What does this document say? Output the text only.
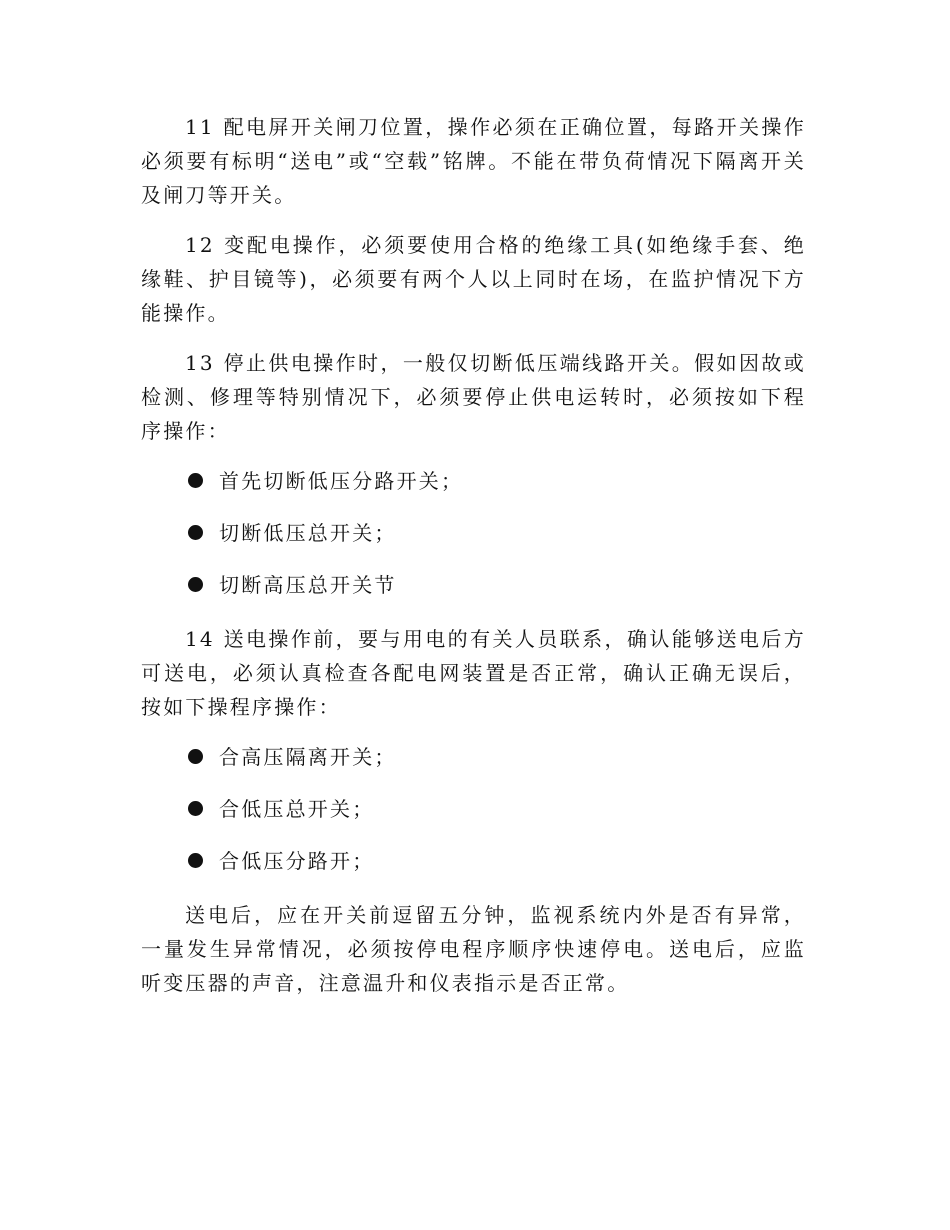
11 配电屏开关闸刀位置，操作必须在正确位置，每路开关操作必须要有标明“送电”或“空载”铭牌。不能在带负荷情况下隔离开关及闸刀等开关。

12 变配电操作，必须要使用合格的绝缘工具(如绝缘手套、绝缘鞋、护目镜等)，必须要有两个人以上同时在场，在监护情况下方能操作。

13 停止供电操作时，一般仅切断低压端线路开关。假如因故或检测、修理等特别情况下，必须要停止供电运转时，必须按如下程序操作：

首先切断低压分路开关；
切断低压总开关；
切断高压总开关节

14 送电操作前，要与用电的有关人员联系，确认能够送电后方可送电，必须认真检查各配电网装置是否正常，确认正确无误后，按如下操程序操作：

合高压隔离开关；
合低压总开关；
合低压分路开；

送电后，应在开关前逗留五分钟，监视系统内外是否有异常，一量发生异常情况，必须按停电程序顺序快速停电。送电后，应监听变压器的声音，注意温升和仪表指示是否正常。
